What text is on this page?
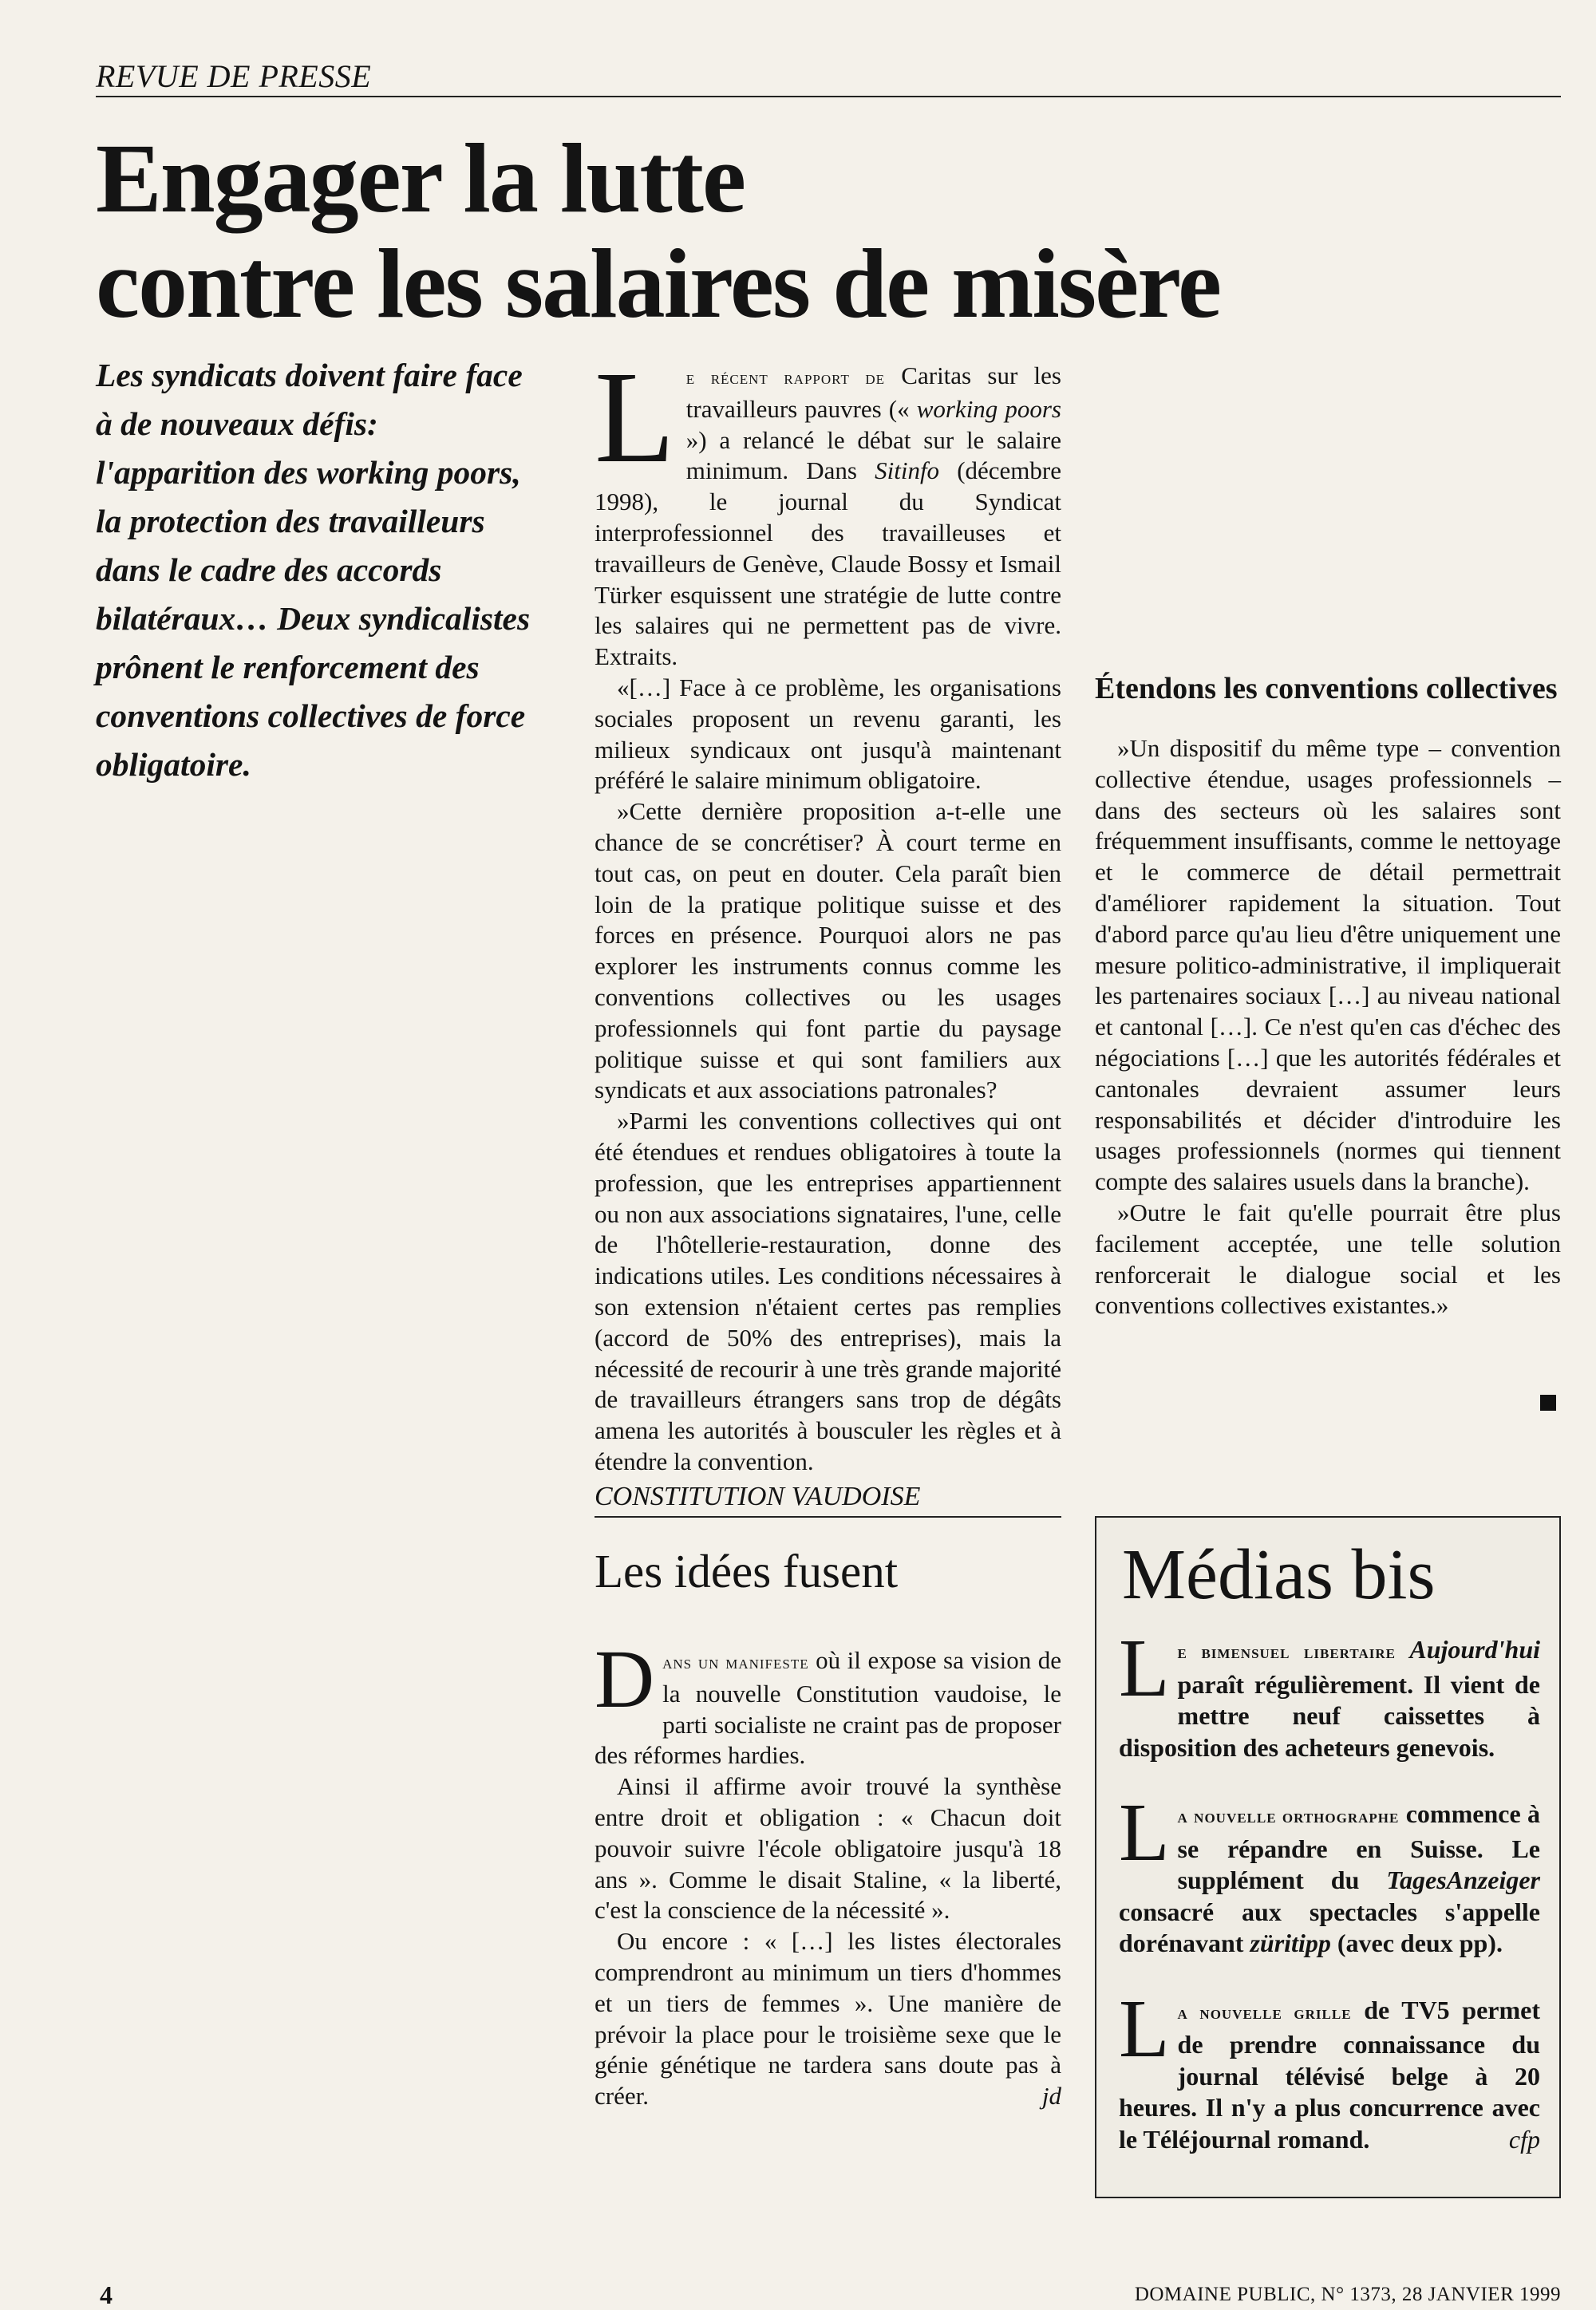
REVUE DE PRESSE
Engager la lutte
contre les salaires de misère
Les syndicats doivent faire face à de nouveaux défis: l'apparition des working poors, la protection des travailleurs dans le cadre des accords bilatéraux… Deux syndicalistes prônent le renforcement des conventions collectives de force obligatoire.

Le récent rapport de Caritas sur les travailleurs pauvres (« working poors ») a relancé le débat sur le salaire minimum. Dans Sitinfo (décembre 1998), le journal du Syndicat interprofessionnel des travailleuses et travailleurs de Genève, Claude Bossy et Ismail Türker esquissent une stratégie de lutte contre les salaires qui ne permettent pas de vivre. Extraits.

«[…] Face à ce problème, les organisations sociales proposent un revenu garanti, les milieux syndicaux ont jusqu'à maintenant préféré le salaire minimum obligatoire.

»Cette dernière proposition a-t-elle une chance de se concrétiser? À court terme en tout cas, on peut en douter. Cela paraît bien loin de la pratique politique suisse et des forces en présence. Pourquoi alors ne pas explorer les instruments connus comme les conventions collectives ou les usages professionnels qui font partie du paysage politique suisse et qui sont familiers aux syndicats et aux associations patronales?

»Parmi les conventions collectives qui ont été étendues et rendues obligatoires à toute la profession, que les entreprises appartiennent ou non aux associations signataires, l'une, celle de l'hôtellerie-restauration, donne des indications utiles. Les conditions nécessaires à son extension n'étaient certes pas remplies (accord de 50% des entreprises), mais la nécessité de recourir à une très grande majorité de travailleurs étrangers sans trop de dégâts amena les autorités à bousculer les règles et à étendre la convention.

Étendons les conventions collectives

»Un dispositif du même type – convention collective étendue, usages professionnels – dans des secteurs où les salaires sont fréquemment insuffisants, comme le nettoyage et le commerce de détail permettrait d'améliorer rapidement la situation. Tout d'abord parce qu'au lieu d'être uniquement une mesure politico-administrative, il impliquerait les partenaires sociaux […] au niveau national et cantonal […]. Ce n'est qu'en cas d'échec des négociations […] que les autorités fédérales et cantonales devraient assumer leurs responsabilités et décider d'introduire les usages professionnels (normes qui tiennent compte des salaires usuels dans la branche).

»Outre le fait qu'elle pourrait être plus facilement acceptée, une telle solution renforcerait le dialogue social et les conventions collectives existantes.»

CONSTITUTION VAUDOISE
Les idées fusent

Dans un manifeste où il expose sa vision de la nouvelle Constitution vaudoise, le parti socialiste ne craint pas de proposer des réformes hardies.

Ainsi il affirme avoir trouvé la synthèse entre droit et obligation : « Chacun doit pouvoir suivre l'école obligatoire jusqu'à 18 ans ». Comme le disait Staline, « la liberté, c'est la conscience de la nécessité ».

Ou encore : « […] les listes électorales comprendront au minimum un tiers d'hommes et un tiers de femmes ». Une manière de prévoir la place pour le troisième sexe que le génie génétique ne tardera sans doute pas à créer.	jd

Médias bis

Le bimensuel libertaire Aujourd'hui paraît régulièrement. Il vient de mettre neuf caissettes à disposition des acheteurs genevois.

La nouvelle orthographe commence à se répandre en Suisse. Le supplément du TagesAnzeiger consacré aux spectacles s'appelle dorénavant züritipp (avec deux pp).

La nouvelle grille de TV5 permet de prendre connaissance du journal télévisé belge à 20 heures. Il n'y a plus concurrence avec le Téléjournal romand.	cfp

4	DOMAINE PUBLIC, N° 1373, 28 JANVIER 1999
